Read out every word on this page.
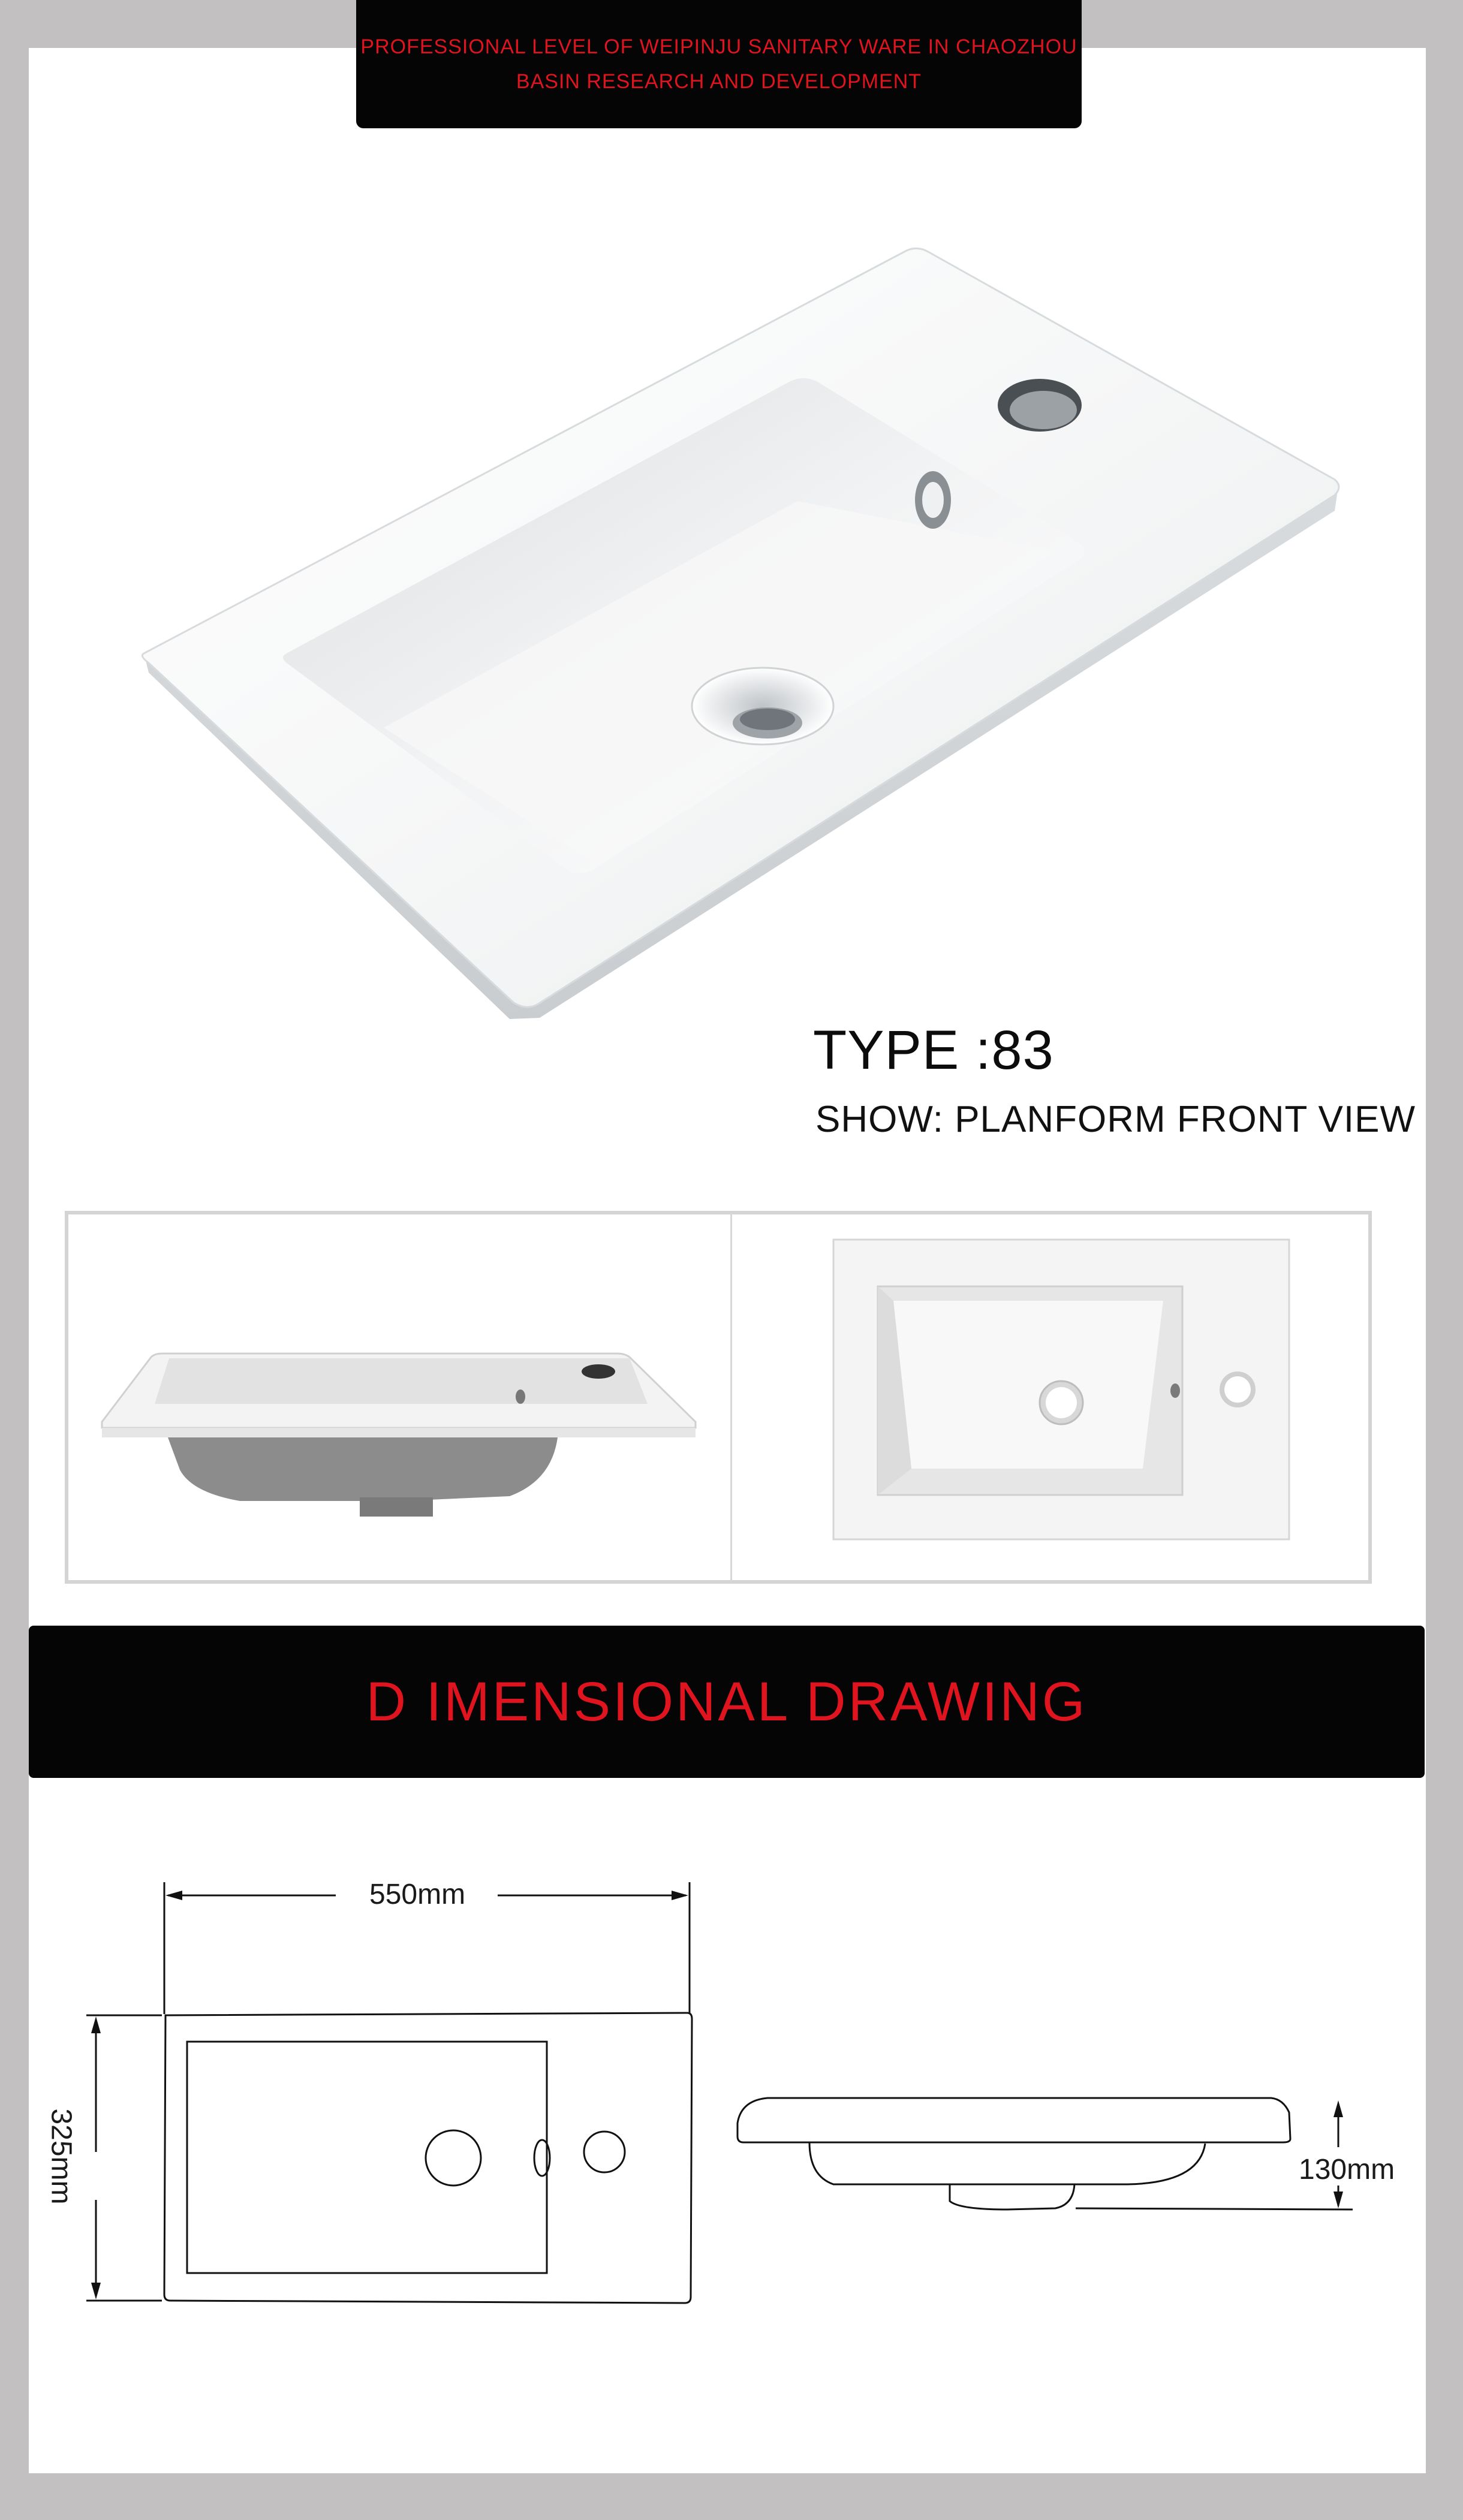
PROFESSIONAL LEVEL OF WEIPINJU SANITARY WARE IN CHAOZHOU
BASIN RESEARCH AND DEVELOPMENT
TYPE :83
SHOW: PLANFORM FRONT VIEW
D IMENSIONAL DRAWING
550mm
325mm	130mm
